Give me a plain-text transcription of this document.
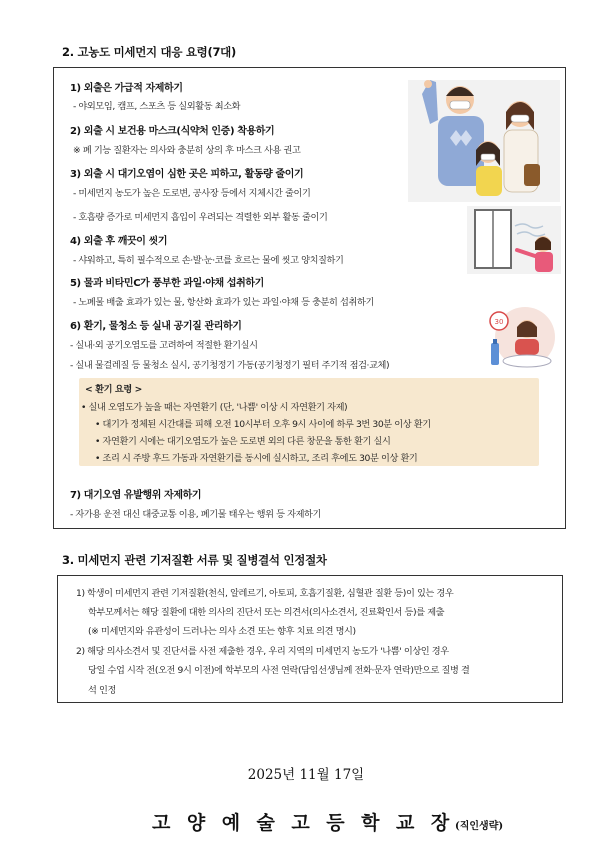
2. 고농도 미세먼지 대응 요령(7대)
30
1) 외출은 가급적 자제하기
- 야외모임, 캠프, 스포츠 등 실외활동 최소화
2) 외출 시 보건용 마스크(식약처 인증) 착용하기
※ 폐 기능 질환자는 의사와 충분히 상의 후 마스크 사용 권고
3) 외출 시 대기오염이 심한 곳은 피하고, 활동량 줄이기
- 미세먼지 농도가 높은 도로변, 공사장 등에서 지체시간 줄이기
- 호흡량 증가로 미세먼지 흡입이 우려되는 격렬한 외부 활동 줄이기
4) 외출 후 깨끗이 씻기
- 샤워하고, 특히 필수적으로 손·발·눈·코를 흐르는 물에 씻고 양치질하기
5) 물과 비타민C가 풍부한 과일·야채 섭취하기
- 노폐물 배출 효과가 있는 물, 항산화 효과가 있는 과일·야채 등 충분히 섭취하기
6) 환기, 물청소 등 실내 공기질 관리하기
- 실내·외 공기오염도를 고려하여 적절한 환기실시
- 실내 물걸레질 등 물청소 실시, 공기청정기 가동(공기청정기 필터 주기적 점검·교체)
< 환기 요령 >
• 실내 오염도가 높을 때는 자연환기 (단, '나쁨' 이상 시 자연환기 자제)
• 대기가 정체된 시간대를 피해 오전 10시부터 오후 9시 사이에 하루 3번 30분 이상 환기
• 자연환기 시에는 대기오염도가 높은 도로변 외의 다른 창문을 통한 환기 실시
• 조리 시 주방 후드 가동과 자연환기를 동시에 실시하고, 조리 후에도 30분 이상 환기
7) 대기오염 유발행위 자제하기
- 자가용 운전 대신 대중교통 이용, 폐기물 태우는 행위 등 자제하기
3. 미세먼지 관련 기저질환 서류 및 질병결석 인정절차
1) 학생이 미세먼지 관련 기저질환(천식, 알레르기, 아토피, 호흡기질환, 심혈관 질환 등)이 있는 경우
학부모께서는 해당 질환에 대한 의사의 진단서 또는 의견서(의사소견서, 진료확인서 등)를 제출
(※ 미세먼지와 유관성이 드러나는 의사 소견 또는 향후 치료 의견 명시)
2) 해당 의사소견서 및 진단서를 사전 제출한 경우, 우리 지역의 미세먼지 농도가 '나쁨' 이상인 경우
당일 수업 시작 전(오전 9시 이전)에 학부모의 사전 연락(담임선생님께 전화·문자 연락)만으로 질병 결
석 인정
2025년 11월 17일
고양예술고등학교장
(직인생략)
